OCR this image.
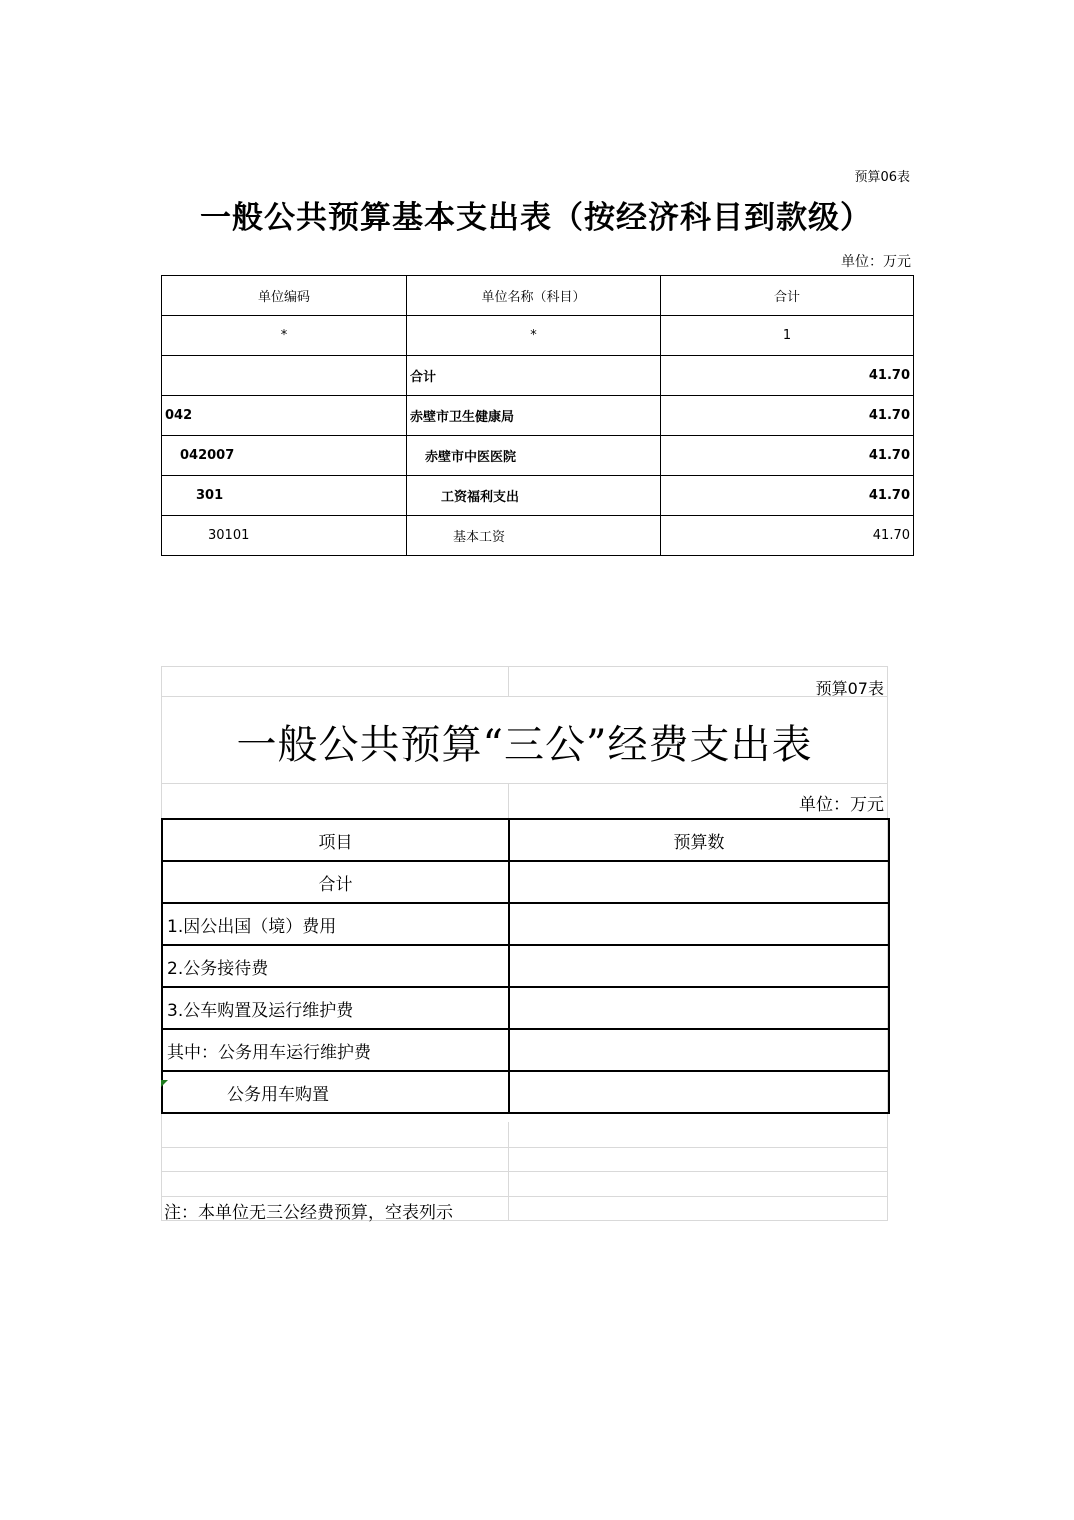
预算06表
一般公共预算基本支出表（按经济科目到款级）
单位：万元
单位编码	单位名称（科目）	合计
*	*	1
	合计	41.70
042	赤壁市卫生健康局	41.70
042007	赤壁市中医医院	41.70
301	工资福利支出	41.70
30101	基本工资	41.70
预算07表
一般公共预算“三公”经费支出表
单位：万元
项目	预算数
合计	
1.因公出国（境）费用	
2.公务接待费	
3.公车购置及运行维护费	
其中：公务用车运行维护费	
公务用车购置	
注：本单位无三公经费预算，空表列示
